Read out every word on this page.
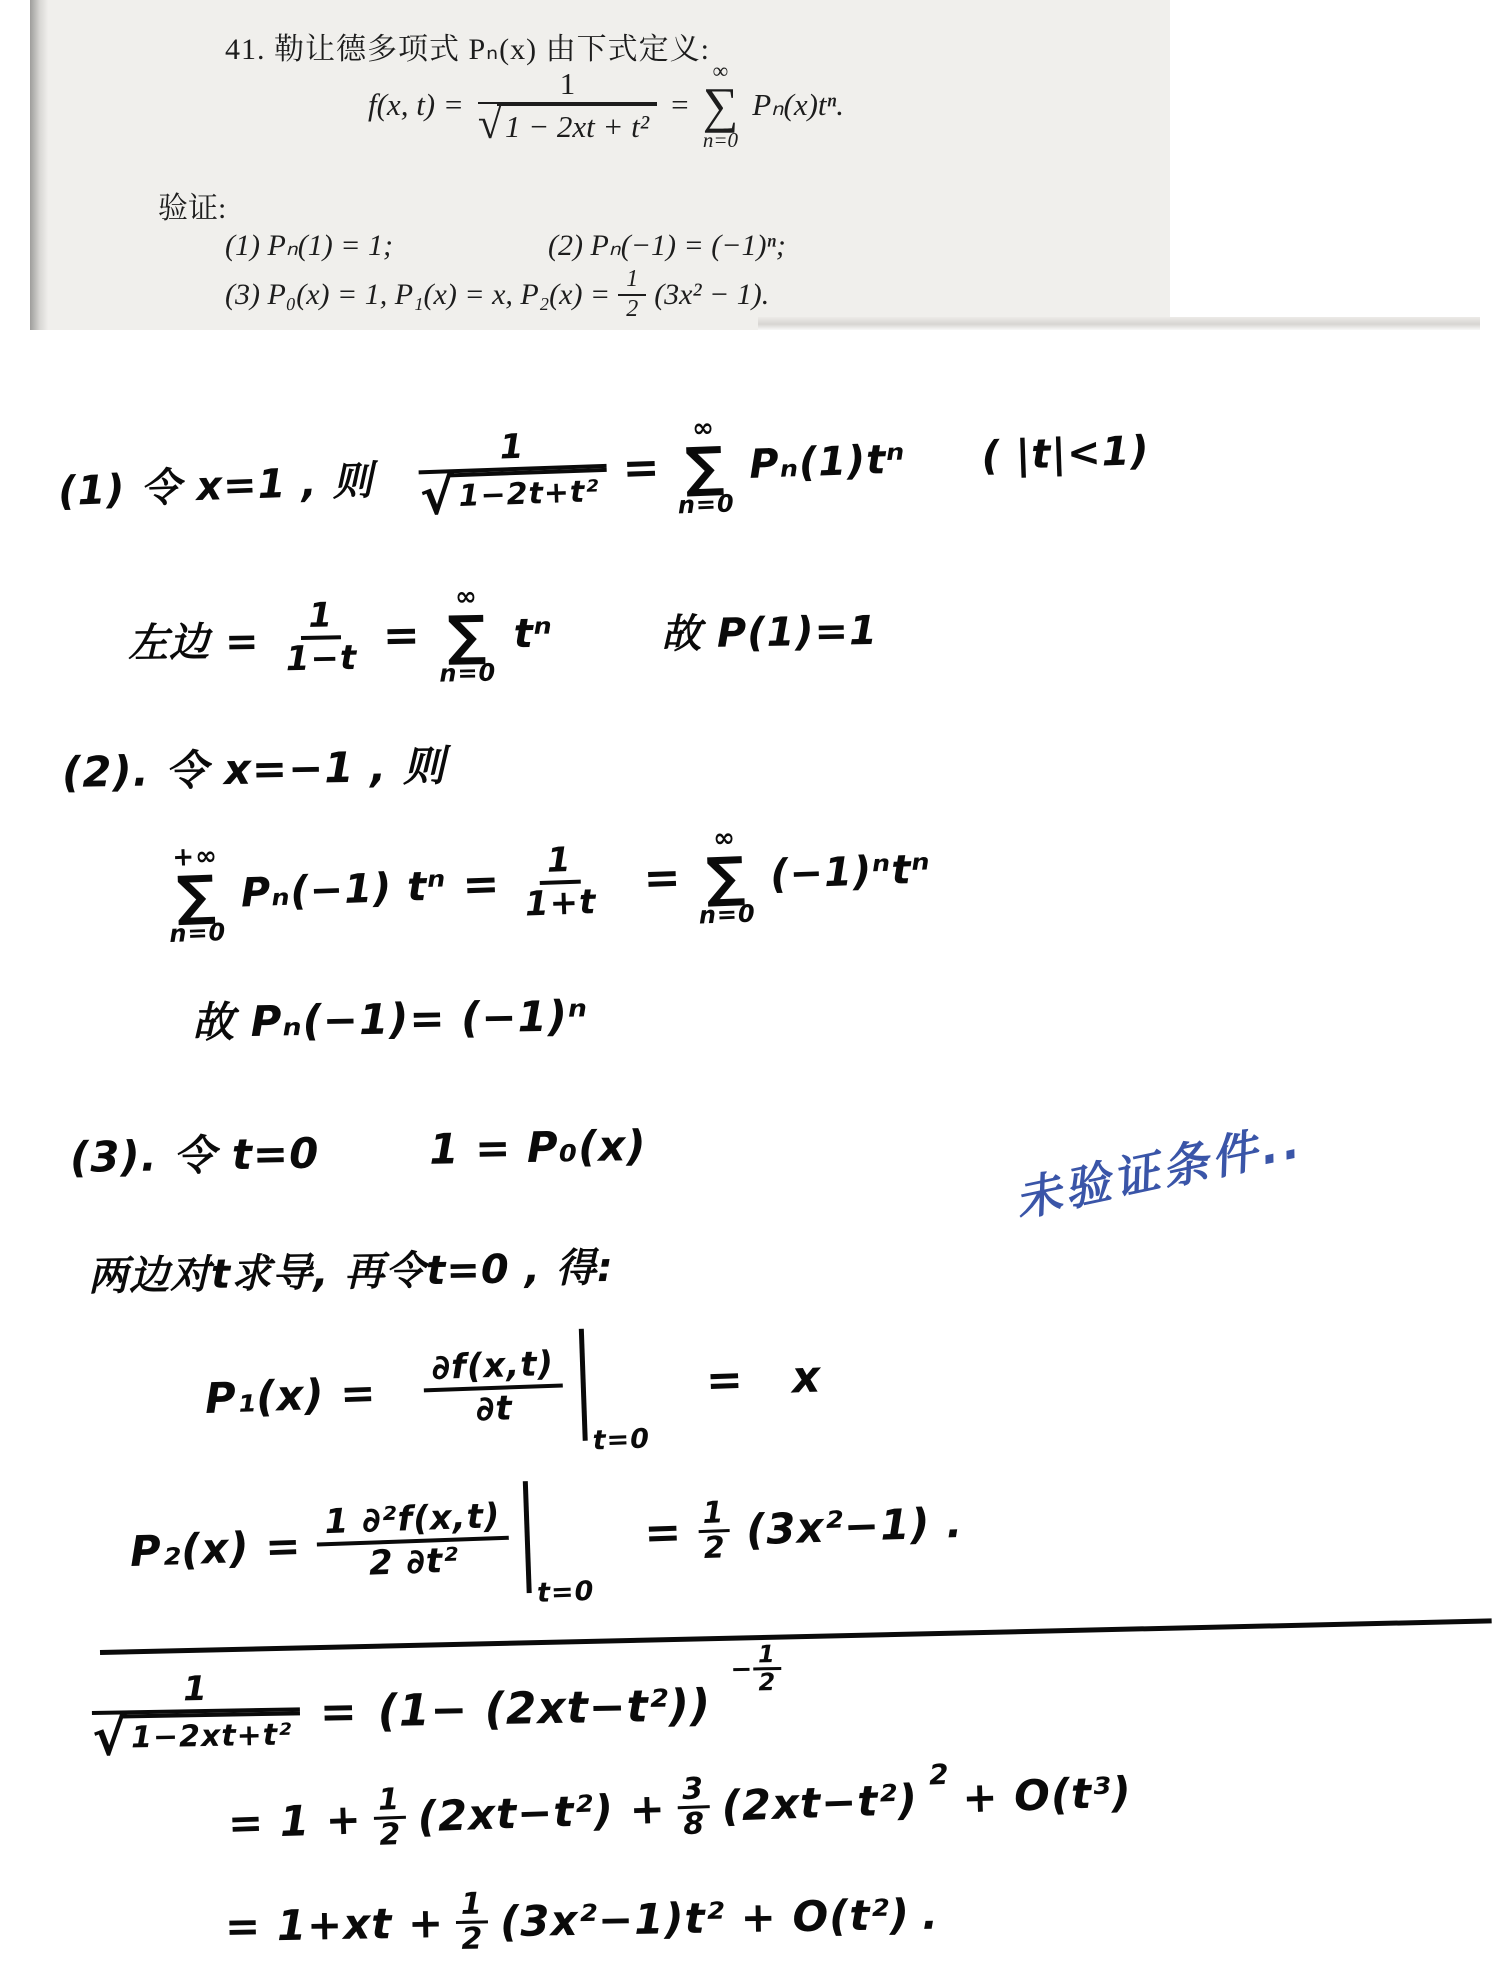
41. 勒让德多项式 Pₙ(x) 由下式定义:
f(x, $t) = \frac{1}{\text{√ 1 − 2xt + t²}}$ =
∞
∑
n=0
Pₙ(x)tⁿ.
验证:
(1) Pₙ(1) = 1;	(2) Pₙ(−1) = (−1)ⁿ;
(3) P₀(x) = 1, P₁(x) = x, $P_2(x) = \frac{1}{2} (3x^2 - 1)$.
(1) 令 x=1 , 则 $\frac{1}{\text{√ 1−2t+t²}}$ =
∞
∑
n=0
Pₙ(1)tⁿ ( |t|<1)
左边 = $\frac{1}{1-t}$ =
∞
∑
n=0
tⁿ	故 P(1)=1
(2). 令 x=−1 , 则
+∞
∑
n=0
Pₙ(−1) $t^n = \frac{1}{1+t}$ =
∞
∑
n=0
(−1)ⁿtⁿ
故 Pₙ(−1)= (−1)ⁿ
(3). 令 t=0	1 = P₀(x)	未验证条件..
两边对t求导, 再令t=0 , 得:
$P_1(x) = \frac{\partial f(x,t)}{\partial t}$
t=0
= x
$P_2(x) = \frac{\text{1 ∂²f(x,t)}}{\text{2 ∂t²}}$
t=0
= $\frac{1}{2} (3x^2-1)$ .
$\frac{1}{\text{√ 1−2xt+t²}} = (1- (2xt-t^2))$
− $\frac{1}{2}$
= $1 + \frac{1}{2} (2xt-t^2) + \frac{3}{8} (2xt-t^2)$
2 + O(t³)
= $1+xt + \frac{1}{2} (3x^2-1)t^2 + O(t^2)$ .
